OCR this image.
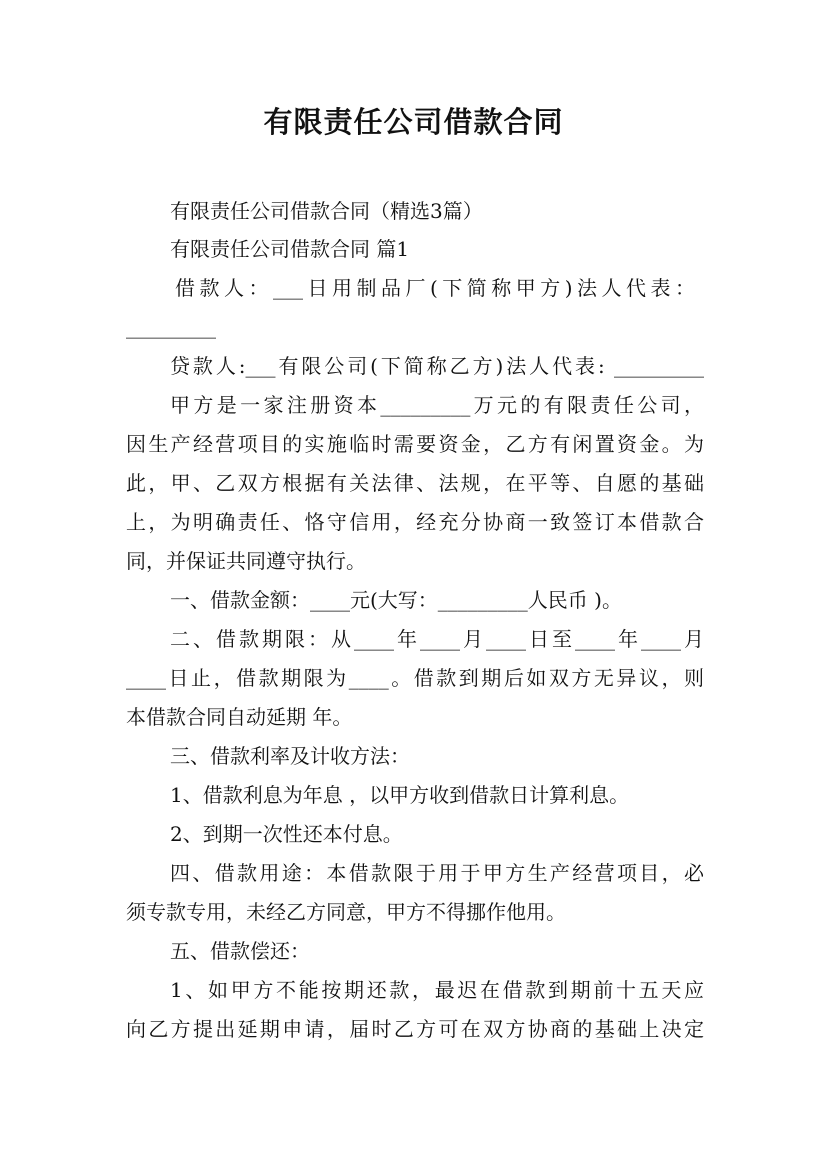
有限责任公司借款合同
有限责任公司借款合同（精选3篇）
有限责任公司借款合同 篇1
借款人：___日用制品厂(下简称甲方)法人代表：
_________
贷款人:___有限公司(下简称乙方)法人代表: _________
甲方是一家注册资本_________万元的有限责任公司，
因生产经营项目的实施临时需要资金，乙方有闲置资金。为
此，甲、乙双方根据有关法律、法规，在平等、自愿的基础
上，为明确责任、恪守信用，经充分协商一致签订本借款合
同，并保证共同遵守执行。
一、借款金额：____元(大写：_________人民币 )。
二、借款期限：从____年____月____日至____年____月
____日止，借款期限为____。借款到期后如双方无异议，则
本借款合同自动延期 年。
三、借款利率及计收方法：
1、借款利息为年息 ，以甲方收到借款日计算利息。
2、到期一次性还本付息。
四、借款用途：本借款限于用于甲方生产经营项目，必
须专款专用，未经乙方同意，甲方不得挪作他用。
五、借款偿还：
1、如甲方不能按期还款，最迟在借款到期前十五天应
向乙方提出延期申请，届时乙方可在双方协商的基础上决定
